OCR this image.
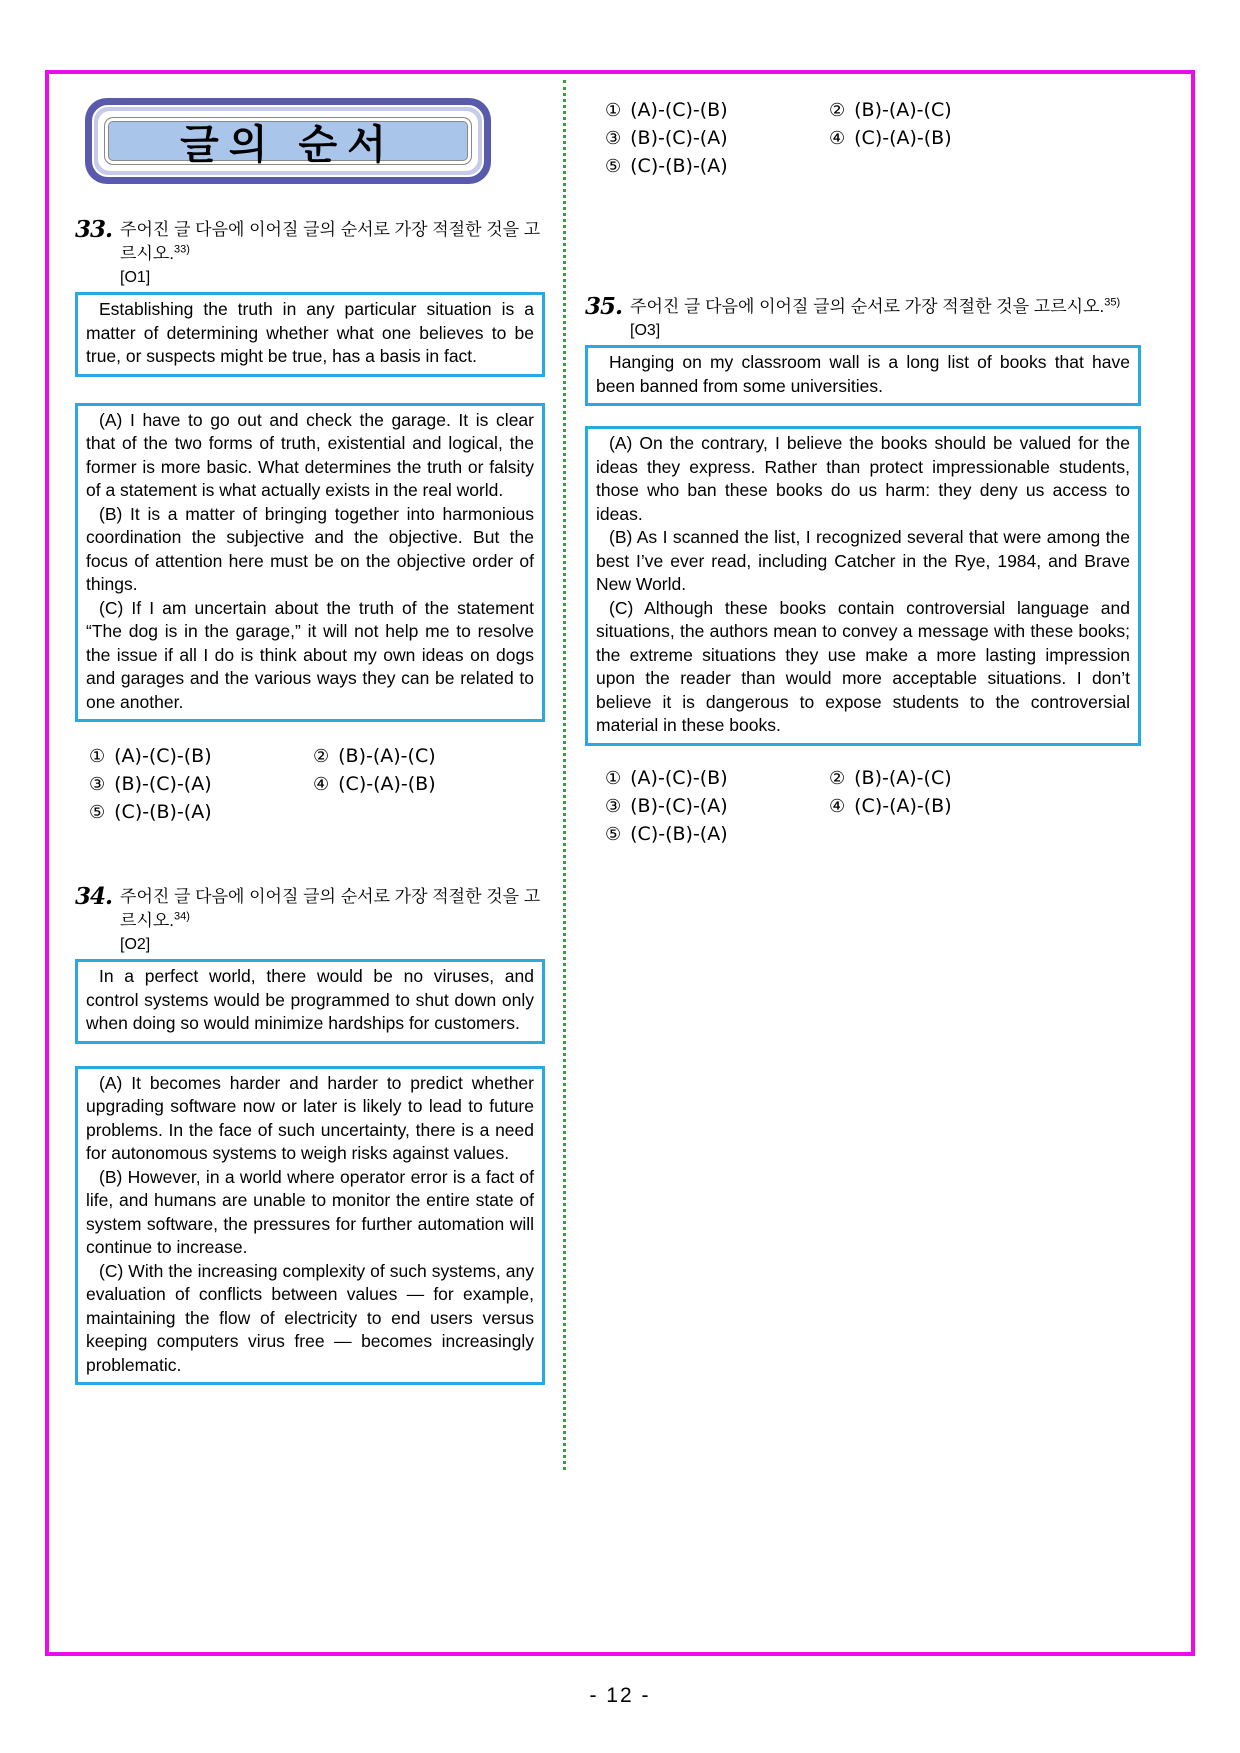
글의 순서
33. 주어진 글 다음에 이어질 글의 순서로 가장 적절한 것을 고르시오.$^{33)}$
[O1]

Establishing the truth in any particular situation is a matter of determining whether what one believes to be true, or suspects might be true, has a basis in fact.

(A) I have to go out and check the garage. It is clear that of the two forms of truth, existential and logical, the former is more basic. What determines the truth or falsity of a statement is what actually exists in the real world.

(B) It is a matter of bringing together into harmonious coordination the subjective and the objective. But the focus of attention here must be on the objective order of things.

(C) If I am uncertain about the truth of the statement “The dog is in the garage,” it will not help me to resolve the issue if all I do is think about my own ideas on dogs and garages and the various ways they can be related to one another.

① (A)-(C)-(B)	② (B)-(A)-(C)
③ (B)-(C)-(A)	④ (C)-(A)-(B)
⑤ (C)-(B)-(A)
34. 주어진 글 다음에 이어질 글의 순서로 가장 적절한 것을 고르시오.$^{34)}$
[O2]

In a perfect world, there would be no viruses, and control systems would be programmed to shut down only when doing so would minimize hardships for customers.

(A) It becomes harder and harder to predict whether upgrading software now or later is likely to lead to future problems. In the face of such uncertainty, there is a need for autonomous systems to weigh risks against values.

(B) However, in a world where operator error is a fact of life, and humans are unable to monitor the entire state of system software, the pressures for further automation will continue to increase.

(C) With the increasing complexity of such systems, any evaluation of conflicts between values — for example, maintaining the flow of electricity to end users versus keeping computers virus free — becomes increasingly problematic.

① (A)-(C)-(B)	② (B)-(A)-(C)
③ (B)-(C)-(A)	④ (C)-(A)-(B)
⑤ (C)-(B)-(A)
35. 주어진 글 다음에 이어질 글의 순서로 가장 적절한 것을 고르시오.$^{35)}$
[O3]

Hanging on my classroom wall is a long list of books that have been banned from some universities.

(A) On the contrary, I believe the books should be valued for the ideas they express. Rather than protect impressionable students, those who ban these books do us harm: they deny us access to ideas.

(B) As I scanned the list, I recognized several that were among the best I’ve ever read, including Catcher in the Rye, 1984, and Brave New World.

(C) Although these books contain controversial language and situations, the authors mean to convey a message with these books; the extreme situations they use make a more lasting impression upon the reader than would more acceptable situations. I don’t believe it is dangerous to expose students to the controversial material in these books.

① (A)-(C)-(B)	② (B)-(A)-(C)
③ (B)-(C)-(A)	④ (C)-(A)-(B)
⑤ (C)-(B)-(A)
- 12 -
